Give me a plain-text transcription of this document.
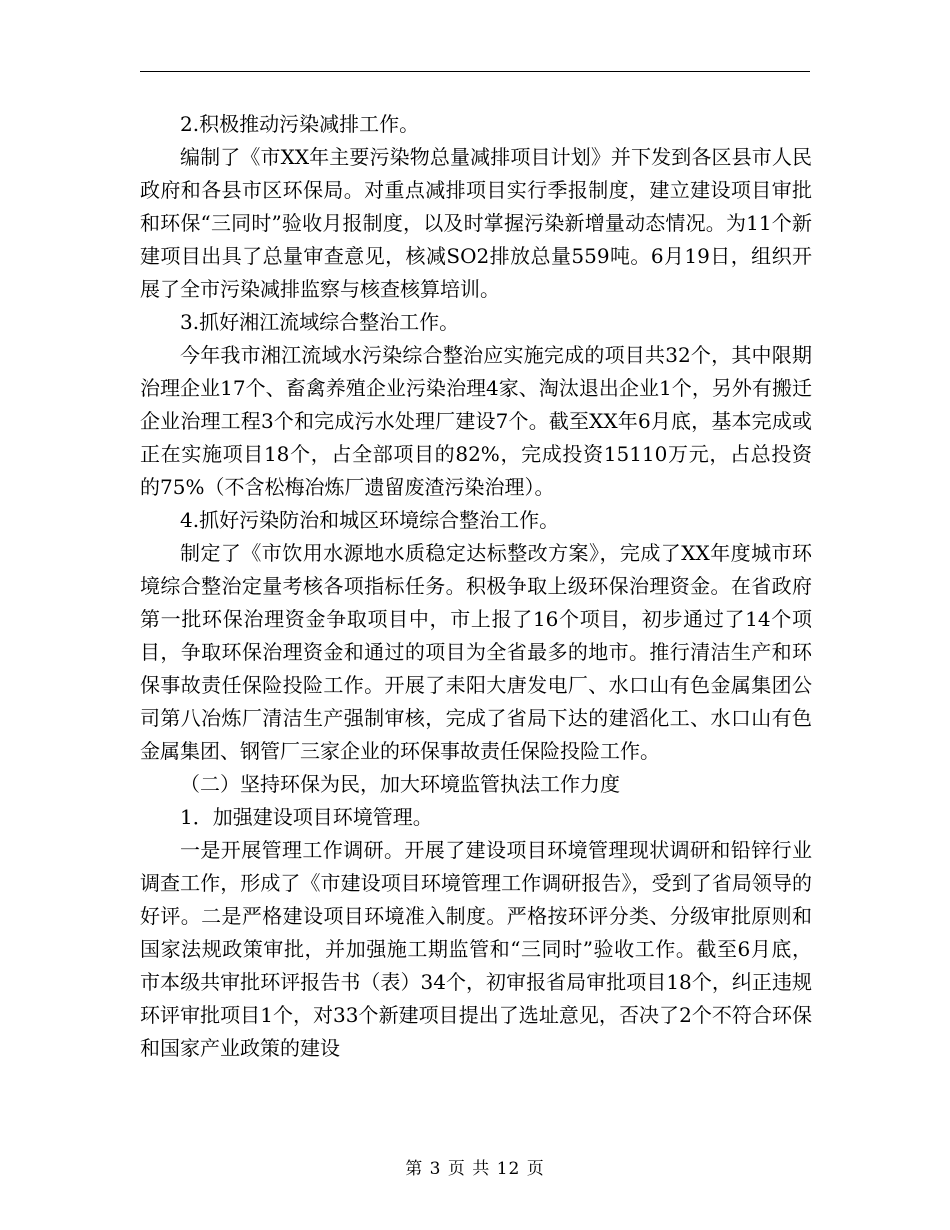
2.积极推动污染减排工作。

编制了《市XX年主要污染物总量减排项目计划》并下发到各区县市人民政府和各县市区环保局。对重点减排项目实行季报制度，建立建设项目审批和环保“三同时”验收月报制度，以及时掌握污染新增量动态情况。为11个新建项目出具了总量审查意见，核减SO2排放总量559吨。6月19日，组织开展了全市污染减排监察与核查核算培训。

3.抓好湘江流域综合整治工作。

今年我市湘江流域水污染综合整治应实施完成的项目共32个，其中限期治理企业17个、畜禽养殖企业污染治理4家、淘汰退出企业1个，另外有搬迁企业治理工程3个和完成污水处理厂建设7个。截至XX年6月底，基本完成或正在实施项目18个，占全部项目的82%，完成投资15110万元，占总投资的75%（不含松梅冶炼厂遗留废渣污染治理）。

4.抓好污染防治和城区环境综合整治工作。

制定了《市饮用水源地水质稳定达标整改方案》，完成了XX年度城市环境综合整治定量考核各项指标任务。积极争取上级环保治理资金。在省政府第一批环保治理资金争取项目中，市上报了16个项目，初步通过了14个项目，争取环保治理资金和通过的项目为全省最多的地市。推行清洁生产和环保事故责任保险投险工作。开展了耒阳大唐发电厂、水口山有色金属集团公司第八冶炼厂清洁生产强制审核，完成了省局下达的建滔化工、水口山有色金属集团、钢管厂三家企业的环保事故责任保险投险工作。

（二）坚持环保为民，加大环境监管执法工作力度

1．加强建设项目环境管理。

一是开展管理工作调研。开展了建设项目环境管理现状调研和铅锌行业调查工作，形成了《市建设项目环境管理工作调研报告》，受到了省局领导的好评。二是严格建设项目环境准入制度。严格按环评分类、分级审批原则和国家法规政策审批，并加强施工期监管和“三同时”验收工作。截至6月底，市本级共审批环评报告书（表）34个，初审报省局审批项目18个，纠正违规环评审批项目1个，对33个新建项目提出了选址意见，否决了2个不符合环保和国家产业政策的建设

第 3 页 共 12 页
